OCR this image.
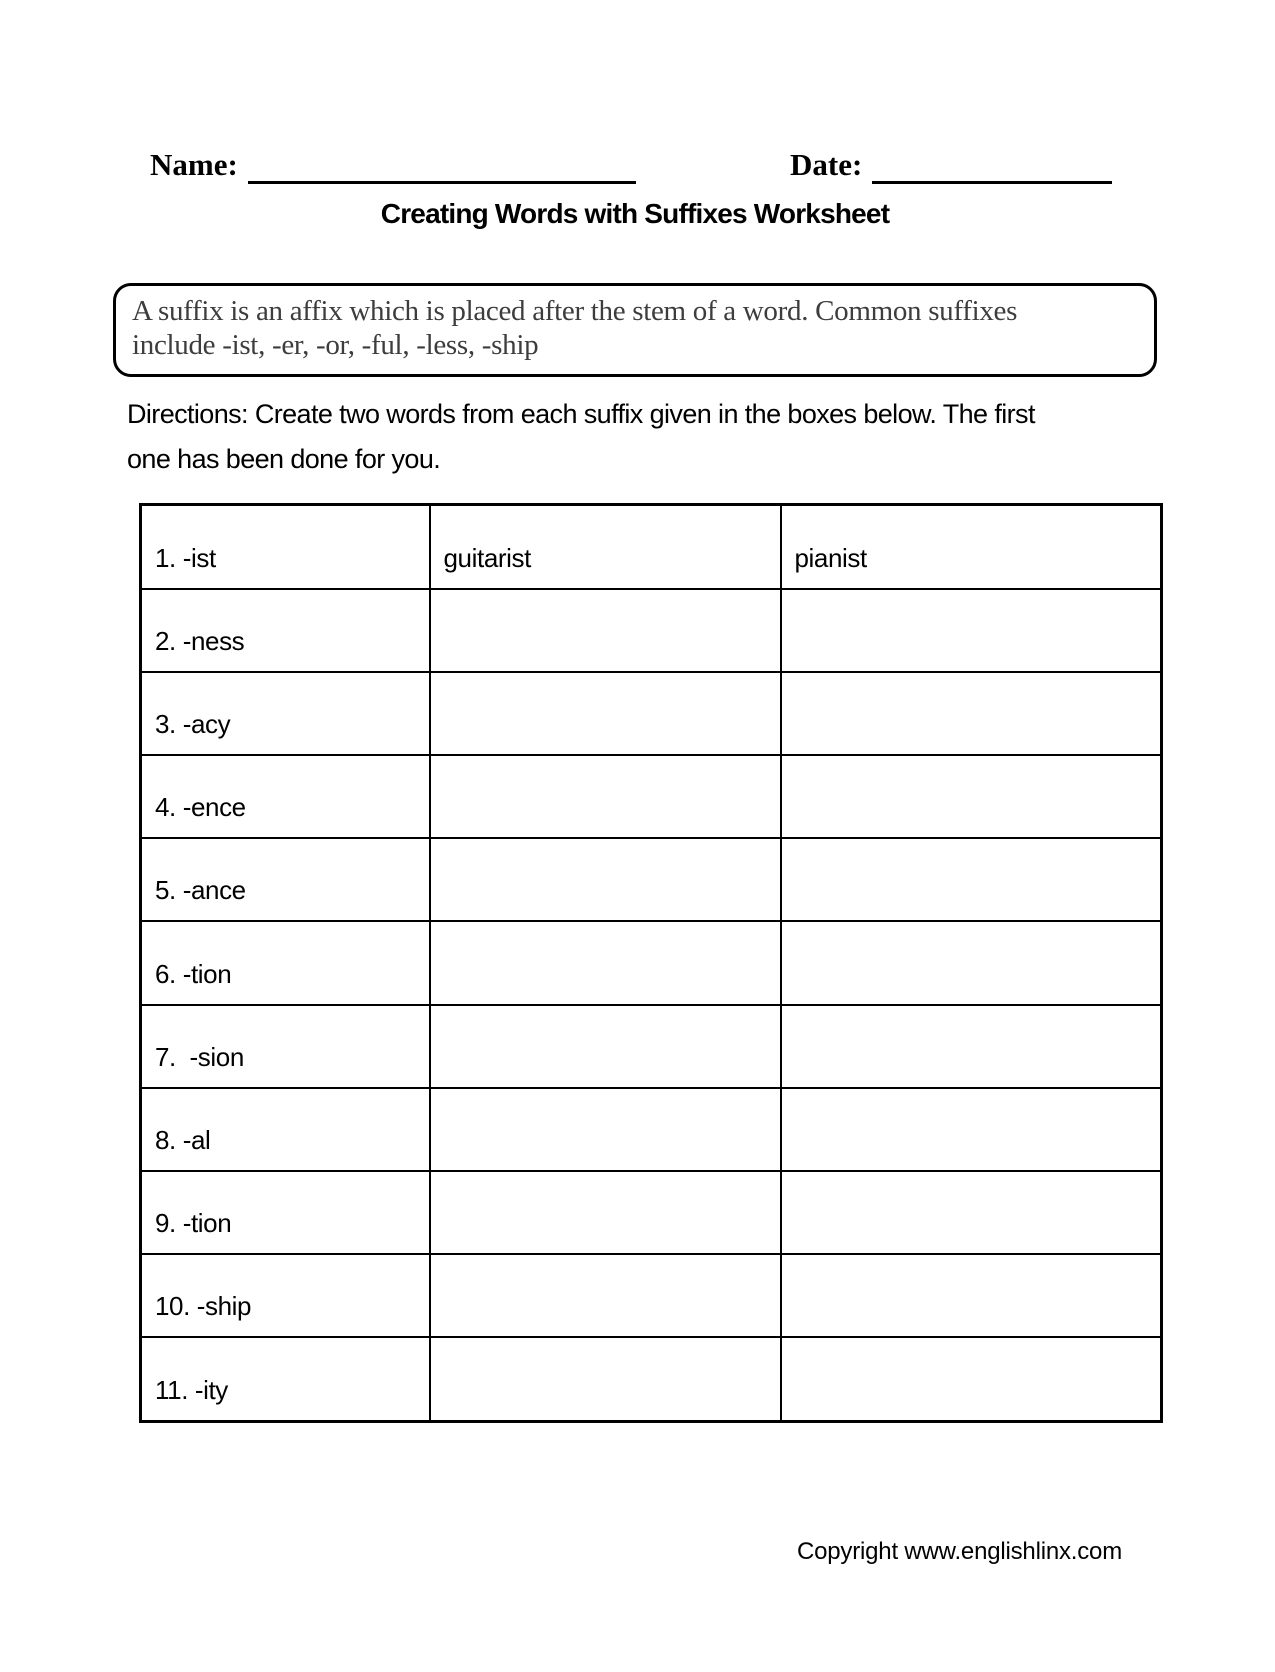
Name:	Date:
Creating Words with Suffixes Worksheet
A suffix is an affix which is placed after the stem of a word. Common suffixes
include -ist, -er, -or, -ful, -less, -ship
Directions: Create two words from each suffix given in the boxes below. The first
one has been done for you.
1. -ist	guitarist	pianist
2. -ness		
3. -acy		
4. -ence		
5. -ance		
6. -tion		
7.  -sion		
8. -al		
9. -tion		
10. -ship		
11. -ity		
Copyright www.englishlinx.com
